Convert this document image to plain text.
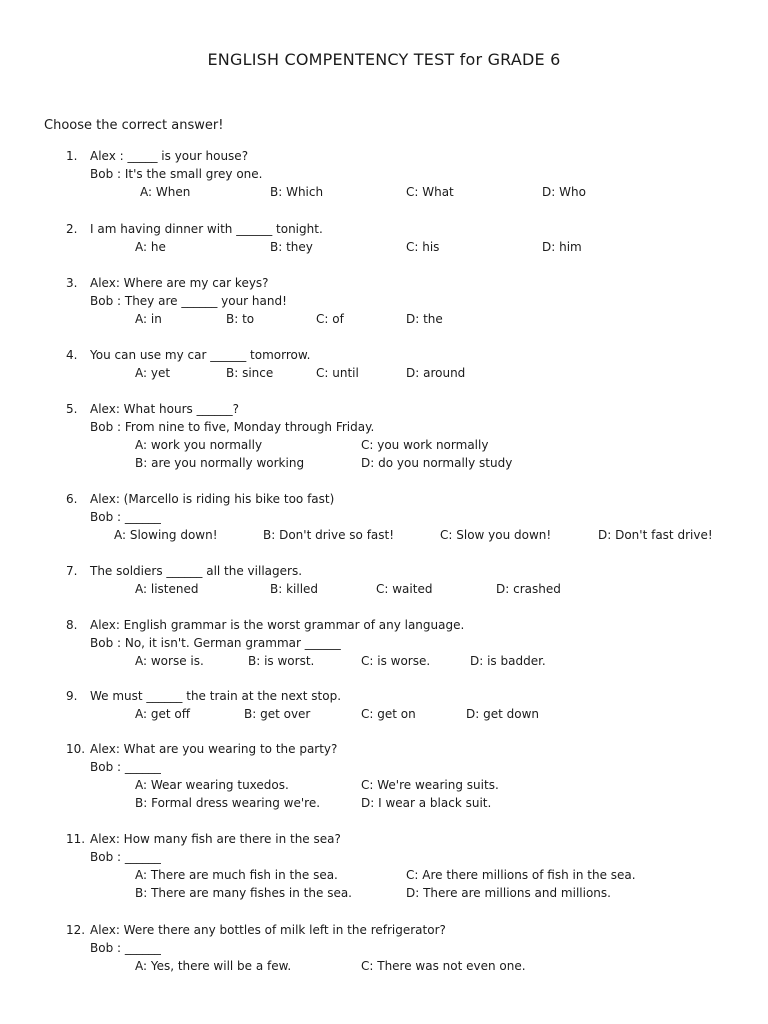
ENGLISH COMPENTENCY TEST for GRADE 6
Choose the correct answer!
1. Alex : _____ is your house?
Bob : It's the small grey one.
A: When	B: Which	C: What	D: Who
2. I am having dinner with ______ tonight.
A: he	B: they	C: his	D: him
3. Alex: Where are my car keys?
Bob : They are ______ your hand!
A: in	B: to	C: of	D: the
4. You can use my car ______ tomorrow.
A: yet	B: since	C: until	D: around
5. Alex: What hours ______?
Bob : From nine to five, Monday through Friday.
A: work you normally	C: you work normally
B: are you normally working	D: do you normally study
6. Alex: (Marcello is riding his bike too fast)
Bob : ______
A: Slowing down!	B: Don't drive so fast!	C: Slow you down!	D: Don't fast drive!
7. The soldiers ______ all the villagers.
A: listened	B: killed	C: waited	D: crashed
8. Alex: English grammar is the worst grammar of any language.
Bob : No, it isn't. German grammar ______
A: worse is.	B: is worst.	C: is worse.	D: is badder.
9. We must ______ the train at the next stop.
A: get off	B: get over	C: get on	D: get down
10. Alex: What are you wearing to the party?
Bob : ______
A: Wear wearing tuxedos.	C: We're wearing suits.
B: Formal dress wearing we're.	D: I wear a black suit.
11. Alex: How many fish are there in the sea?
Bob : ______
A: There are much fish in the sea.	C: Are there millions of fish in the sea.
B: There are many fishes in the sea.	D: There are millions and millions.
12. Alex: Were there any bottles of milk left in the refrigerator?
Bob : ______
A: Yes, there will be a few.	C: There was not even one.
